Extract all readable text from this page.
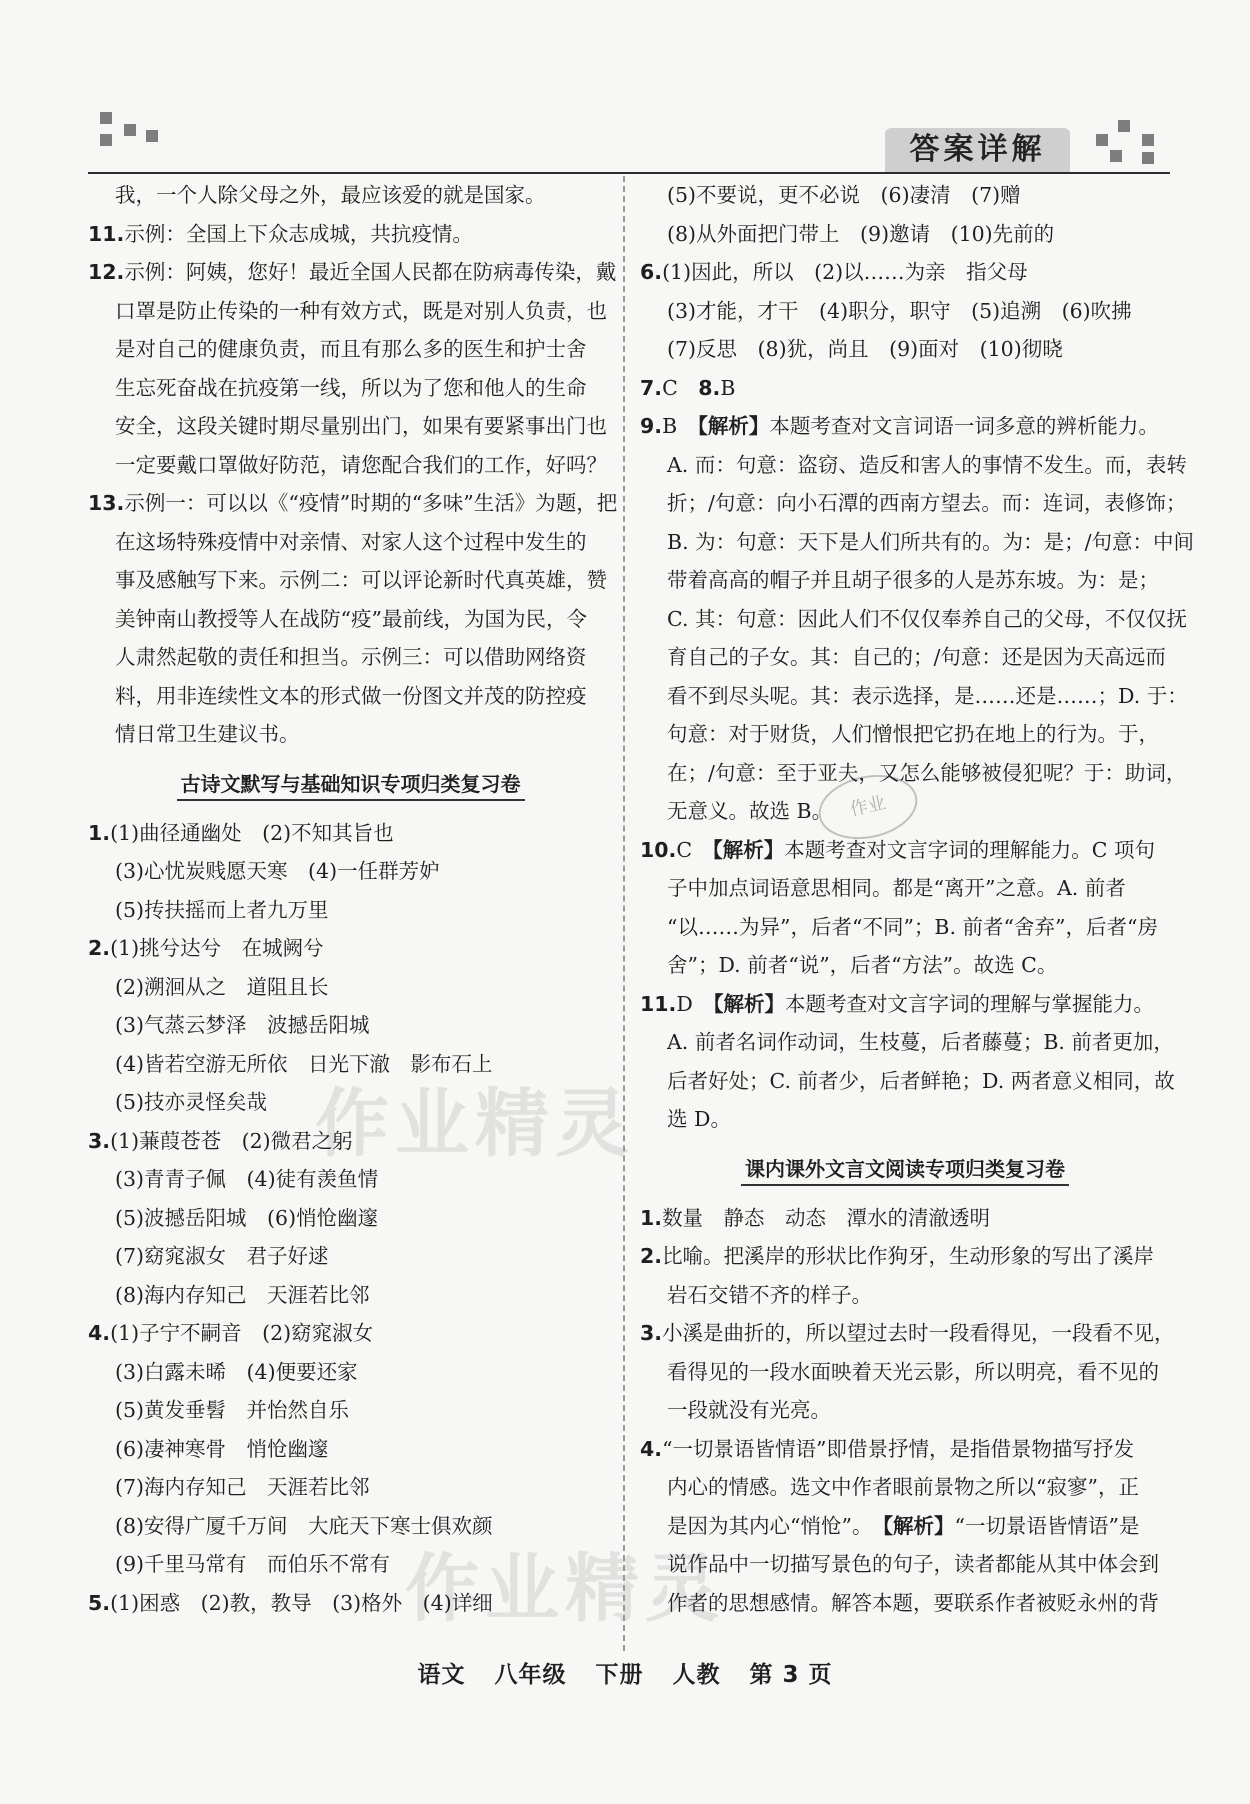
答案详解
作业精灵
作业精灵
作业
我，一个人除父母之外，最应该爱的就是国家。
11.示例：全国上下众志成城，共抗疫情。
12.示例：阿姨，您好！最近全国人民都在防病毒传染，戴
口罩是防止传染的一种有效方式，既是对别人负责，也
是对自己的健康负责，而且有那么多的医生和护士舍
生忘死奋战在抗疫第一线，所以为了您和他人的生命
安全，这段关键时期尽量别出门，如果有要紧事出门也
一定要戴口罩做好防范，请您配合我们的工作，好吗？
13.示例一：可以以《“疫情”时期的“多味”生活》为题，把
在这场特殊疫情中对亲情、对家人这个过程中发生的
事及感触写下来。示例二：可以评论新时代真英雄，赞
美钟南山教授等人在战防“疫”最前线，为国为民，令
人肃然起敬的责任和担当。示例三：可以借助网络资
料，用非连续性文本的形式做一份图文并茂的防控疫
情日常卫生建议书。
古诗文默写与基础知识专项归类复习卷
1.(1)曲径通幽处　(2)不知其旨也
(3)心忧炭贱愿天寒　(4)一任群芳妒
(5)抟扶摇而上者九万里
2.(1)挑兮达兮　在城阙兮
(2)溯洄从之　道阻且长
(3)气蒸云梦泽　波撼岳阳城
(4)皆若空游无所依　日光下澈　影布石上
(5)技亦灵怪矣哉
3.(1)蒹葭苍苍　(2)微君之躬
(3)青青子佩　(4)徒有羡鱼情
(5)波撼岳阳城　(6)悄怆幽邃
(7)窈窕淑女　君子好逑
(8)海内存知己　天涯若比邻
4.(1)子宁不嗣音　(2)窈窕淑女
(3)白露未晞　(4)便要还家
(5)黄发垂髫　并怡然自乐
(6)凄神寒骨　悄怆幽邃
(7)海内存知己　天涯若比邻
(8)安得广厦千万间　大庇天下寒士俱欢颜
(9)千里马常有　而伯乐不常有
5.(1)困惑　(2)教，教导　(3)格外　(4)详细
(5)不要说，更不必说　(6)凄清　(7)赠
(8)从外面把门带上　(9)邀请　(10)先前的
6.(1)因此，所以　(2)以……为亲　指父母
(3)才能，才干　(4)职分，职守　(5)追溯　(6)吹拂
(7)反思　(8)犹，尚且　(9)面对　(10)彻晓
7.C　8.B
9.B　【解析】本题考查对文言词语一词多意的辨析能力。
A. 而：句意：盗窃、造反和害人的事情不发生。而，表转
折；/句意：向小石潭的西南方望去。而：连词，表修饰；
B. 为：句意：天下是人们所共有的。为：是；/句意：中间
带着高高的帽子并且胡子很多的人是苏东坡。为：是；
C. 其：句意：因此人们不仅仅奉养自己的父母，不仅仅抚
育自己的子女。其：自己的；/句意：还是因为天高远而
看不到尽头呢。其：表示选择，是……还是……；D. 于：
句意：对于财货，人们憎恨把它扔在地上的行为。于，
在；/句意：至于亚夫，又怎么能够被侵犯呢？于：助词，
无意义。故选 B。
10.C　【解析】本题考查对文言字词的理解能力。C 项句
子中加点词语意思相同。都是“离开”之意。A. 前者
“以……为异”，后者“不同”；B. 前者“舍弃”，后者“房
舍”；D. 前者“说”，后者“方法”。故选 C。
11.D　【解析】本题考查对文言字词的理解与掌握能力。
A. 前者名词作动词，生枝蔓，后者藤蔓；B. 前者更加，
后者好处；C. 前者少，后者鲜艳；D. 两者意义相同，故
选 D。
课内课外文言文阅读专项归类复习卷
1.数量　静态　动态　潭水的清澈透明
2.比喻。把溪岸的形状比作狗牙，生动形象的写出了溪岸
岩石交错不齐的样子。
3.小溪是曲折的，所以望过去时一段看得见，一段看不见，
看得见的一段水面映着天光云影，所以明亮，看不见的
一段就没有光亮。
4.“一切景语皆情语”即借景抒情，是指借景物描写抒发
内心的情感。选文中作者眼前景物之所以“寂寥”，正
是因为其内心“悄怆”。　【解析】“一切景语皆情语”是
说作品中一切描写景色的句子，读者都能从其中体会到
作者的思想感情。解答本题，要联系作者被贬永州的背
语文 八年级 下册 人教 第 3 页
